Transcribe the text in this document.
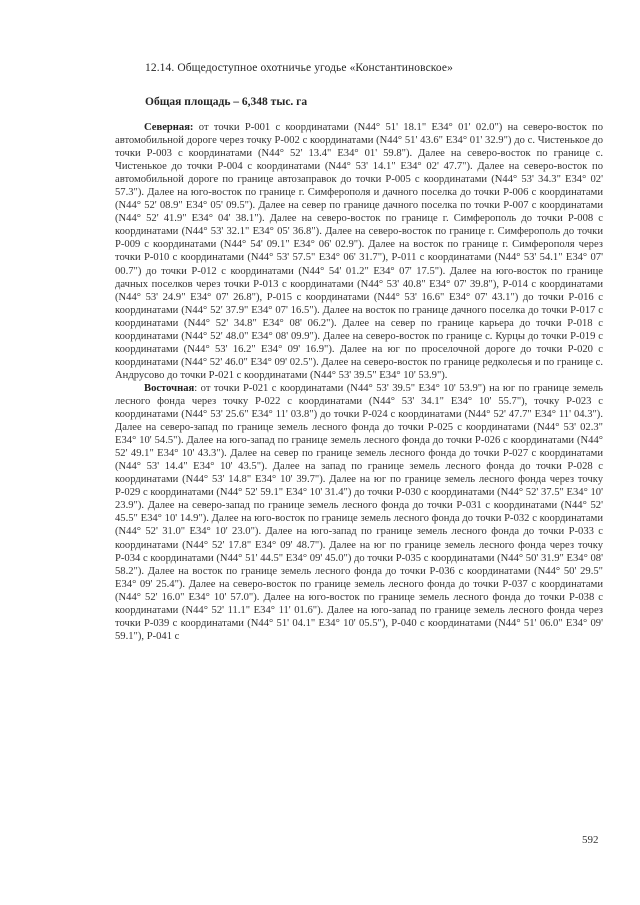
12.14. Общедоступное охотничье угодье «Константиновское»
Общая площадь – 6,348 тыс. га

Северная: от точки Р-001 с координатами (N44° 51' 18.1" E34° 01' 02.0") на северо-восток по автомобильной дороге через точку Р-002 с координатами (N44° 51' 43.6" E34° 01' 32.9") до с. Чистенькое до точки Р-003 с координатами (N44° 52' 13.4" E34° 01' 59.8"). Далее на северо-восток по границе с. Чистенькое до точки Р-004 с координатами (N44° 53' 14.1" E34° 02' 47.7"). Далее на северо-восток по автомобильной дороге по границе автозаправок до точки Р-005 с координатами (N44° 53' 34.3" E34° 02' 57.3"). Далее на юго-восток по границе г. Симферополя и дачного поселка до точки Р-006 с координатами (N44° 52' 08.9" E34° 05' 09.5"). Далее на север по границе дачного поселка по точки Р-007 с координатами (N44° 52' 41.9" E34° 04' 38.1"). Далее на северо-восток по границе г. Симферополь до точки Р-008 с координатами (N44° 53' 32.1" E34° 05' 36.8"). Далее на северо-восток по границе г. Симферополь до точки Р-009 с координатами (N44° 54' 09.1" E34° 06' 02.9"). Далее на восток по границе г. Симферополя через точки Р-010 с координатами (N44° 53' 57.5" E34° 06' 31.7"), Р-011 с координатами (N44° 53' 54.1" E34° 07' 00.7") до точки Р-012 с координатами (N44° 54' 01.2" E34° 07' 17.5"). Далее на юго-восток по границе дачных поселков через точки Р-013 с координатами (N44° 53' 40.8" E34° 07' 39.8"), Р-014 с координатами (N44° 53' 24.9" E34° 07' 26.8"), Р-015 с координатами (N44° 53' 16.6" E34° 07' 43.1") до точки Р-016 с координатами (N44° 52' 37.9" E34° 07' 16.5"). Далее на восток по границе дачного поселка до точки Р-017 с координатами (N44° 52' 34.8" E34° 08' 06.2"). Далее на север по границе карьера до точки Р-018 с координатами (N44° 52' 48.0" E34° 08' 09.9"). Далее на северо-восток по границе с. Курцы до точки Р-019 с координатами (N44° 53' 16.2" E34° 09' 16.9"). Далее на юг по проселочной дороге до точки Р-020 с координатами (N44° 52' 46.0" E34° 09' 02.5"). Далее на северо-восток по границе редколесья и по границе с. Андрусово до точки Р-021 с координатами (N44° 53' 39.5" E34° 10' 53.9").

Восточная: от точки Р-021 с координатами (N44° 53' 39.5" E34° 10' 53.9") на юг по границе земель лесного фонда через точку Р-022 с координатами (N44° 53' 34.1" E34° 10' 55.7"), точку Р-023 с координатами (N44° 53' 25.6" E34° 11' 03.8") до точки Р-024 с координатами (N44° 52' 47.7" E34° 11' 04.3"). Далее на северо-запад по границе земель лесного фонда до точки Р-025 с координатами (N44° 53' 02.3" E34° 10' 54.5"). Далее на юго-запад по границе земель лесного фонда до точки Р-026 с координатами (N44° 52' 49.1" E34° 10' 43.3"). Далее на север по границе земель лесного фонда до точки Р-027 с координатами (N44° 53' 14.4" E34° 10' 43.5"). Далее на запад по границе земель лесного фонда до точки Р-028 с координатами (N44° 53' 14.8" E34° 10' 39.7"). Далее на юг по границе земель лесного фонда через точку Р-029 с координатами (N44° 52' 59.1" E34° 10' 31.4") до точки Р-030 с координатами (N44° 52' 37.5" E34° 10' 23.9"). Далее на северо-запад по границе земель лесного фонда до точки Р-031 с координатами (N44° 52' 45.5" E34° 10' 14.9"). Далее на юго-восток по границе земель лесного фонда до точки Р-032 с координатами (N44° 52' 31.0" E34° 10' 23.0"). Далее на юго-запад по границе земель лесного фонда до точки Р-033 с координатами (N44° 52' 17.8" E34° 09' 48.7"). Далее на юг по границе земель лесного фонда через точку Р-034 с координатами (N44° 51' 44.5" E34° 09' 45.0") до точки Р-035 с координатами (N44° 50' 31.9" E34° 08' 58.2"). Далее на восток по границе земель лесного фонда до точки Р-036 с координатами (N44° 50' 29.5" E34° 09' 25.4"). Далее на северо-восток по границе земель лесного фонда до точки Р-037 с координатами (N44° 52' 16.0" E34° 10' 57.0"). Далее на юго-восток по границе земель лесного фонда до точки Р-038 с координатами (N44° 52' 11.1" E34° 11' 01.6"). Далее на юго-запад по границе земель лесного фонда через точки Р-039 с координатами (N44° 51' 04.1" E34° 10' 05.5"), Р-040 с координатами (N44° 51' 06.0" E34° 09' 59.1"), Р-041 с

592
